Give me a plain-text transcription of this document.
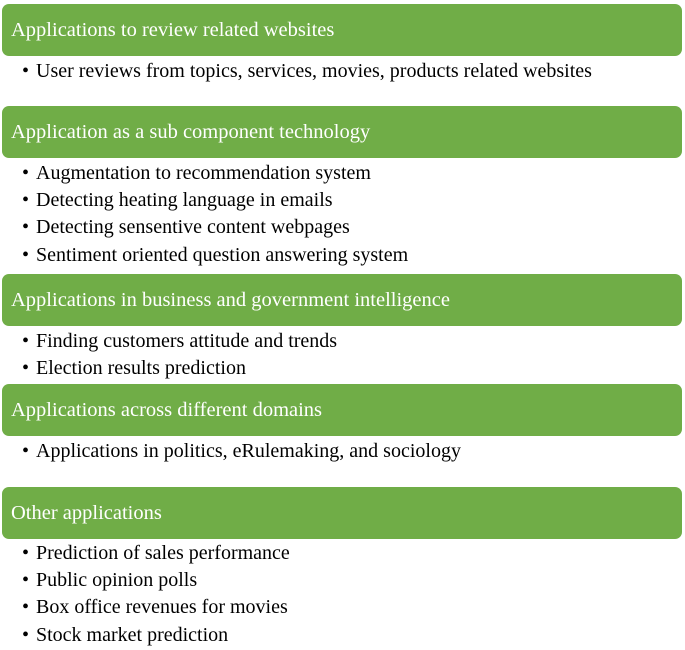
Applications to review related websites
• User reviews from topics, services, movies, products related websites
Application as a sub component technology
• Augmentation to recommendation system
• Detecting heating language in emails
• Detecting sensentive content webpages
• Sentiment oriented question answering system
Applications in business and government intelligence
• Finding customers attitude and trends
• Election results prediction
Applications across different domains
• Applications in politics, eRulemaking, and sociology
Other applications
• Prediction of sales performance
• Public opinion polls
• Box office revenues for movies
• Stock market prediction
